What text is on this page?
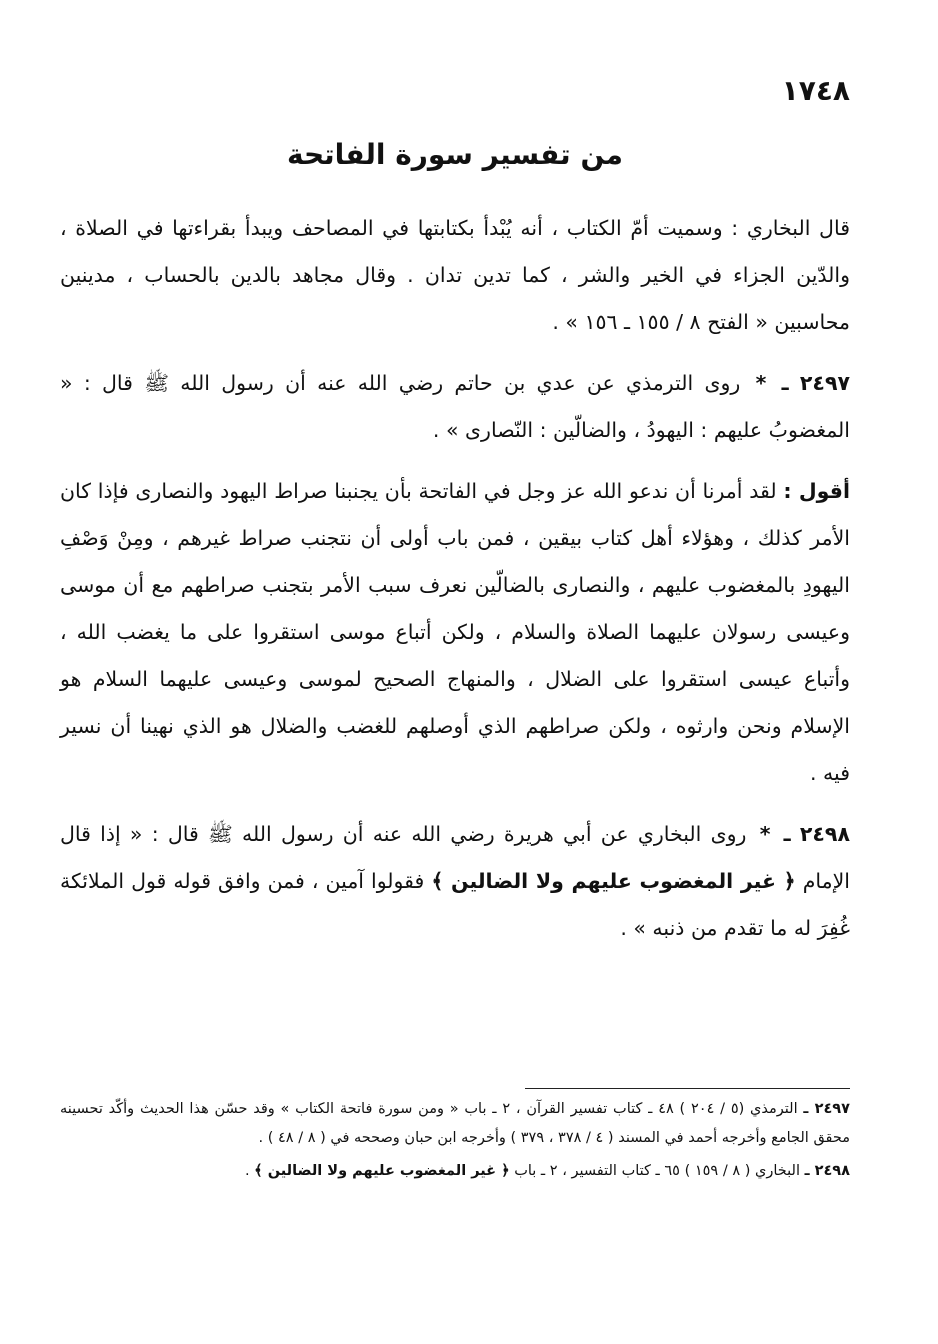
١٧٤٨
من تفسير سورة الفاتحة

قال البخاري : وسميت أمّ الكتاب ، أنه يُبْدأ بكتابتها في المصاحف ويبدأ بقراءتها في الصلاة ، والدّين الجزاء في الخير والشر ، كما تدين تدان . وقال مجاهد بالدين بالحساب ، مدينين محاسبين « الفتح ٨ / ١٥٥ ـ ١٥٦ » .

٢٤٩٧ ـ * روى الترمذي عن عدي بن حاتم رضي الله عنه أن رسول الله ﷺ قال : « المغضوبُ عليهم : اليهودُ ، والضالّين : النّصارى » .

أقول : لقد أمرنا أن ندعو الله عز وجل في الفاتحة بأن يجنبنا صراط اليهود والنصارى فإذا كان الأمر كذلك ، وهؤلاء أهل كتاب بيقين ، فمن باب أولى أن نتجنب صراط غيرهم ، ومِنْ وَصْفِ اليهودِ بالمغضوب عليهم ، والنصارى بالضالّين نعرف سبب الأمر بتجنب صراطهم مع أن موسى وعيسى رسولان عليهما الصلاة والسلام ، ولكن أتباع موسى استقروا على ما يغضب الله ، وأتباع عيسى استقروا على الضلال ، والمنهاج الصحيح لموسى وعيسى عليهما السلام هو الإسلام ونحن وارثوه ، ولكن صراطهم الذي أوصلهم للغضب والضلال هو الذي نهينا أن نسير فيه .

٢٤٩٨ ـ * روى البخاري عن أبي هريرة رضي الله عنه أن رسول الله ﷺ قال : « إذا قال الإمام ﴿ غير المغضوب عليهم ولا الضالين ﴾ فقولوا آمين ، فمن وافق قوله قول الملائكة غُفِرَ له ما تقدم من ذنبه » .

٢٤٩٧ ـ الترمذي (٥ / ٢٠٤ ) ٤٨ ـ كتاب تفسير القرآن ، ٢ ـ باب « ومن سورة فاتحة الكتاب » وقد حسّن هذا الحديث وأكّد تحسينه محقق الجامع وأخرجه أحمد في المسند ( ٤ / ٣٧٨ ، ٣٧٩ ) وأخرجه ابن حبان وصححه في ( ٨ / ٤٨ ) .

٢٤٩٨ ـ البخاري ( ٨ / ١٥٩ ) ٦٥ ـ كتاب التفسير ، ٢ ـ باب ﴿ غير المغضوب عليهم ولا الضالين ﴾ .
